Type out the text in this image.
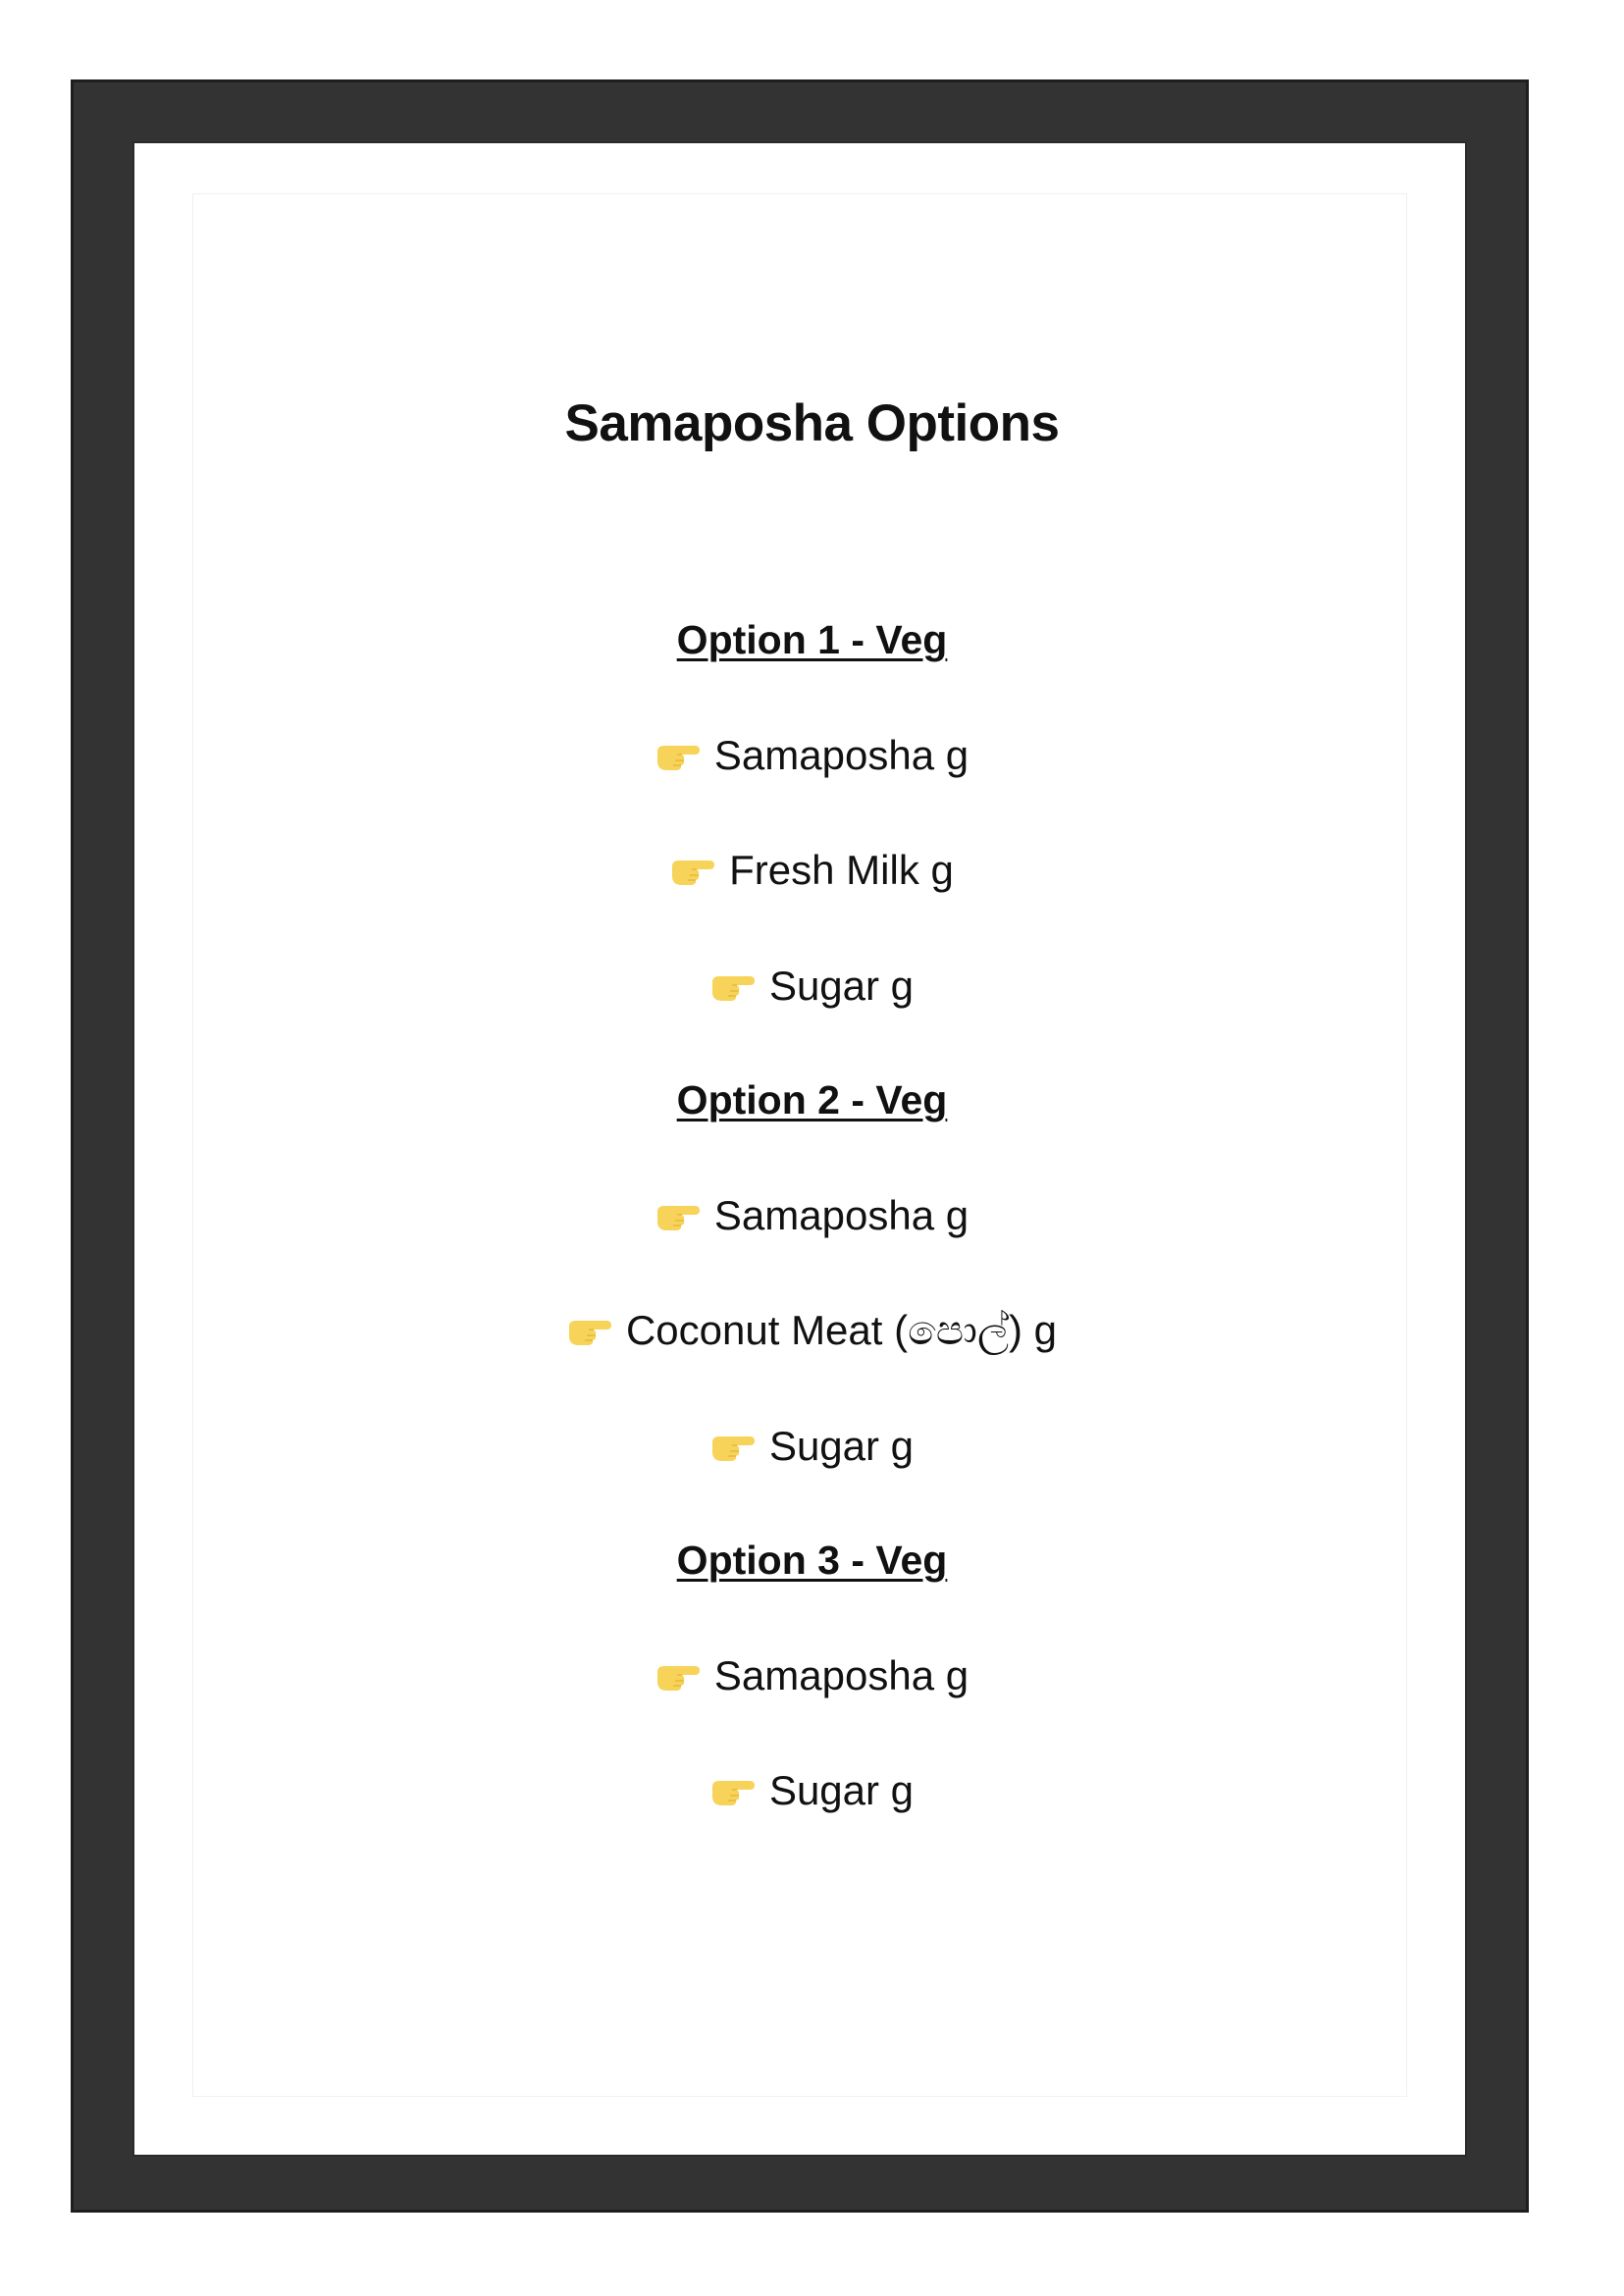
Samaposha Options
Option 1 - Veg
Samaposha g
Fresh Milk g
Sugar g
Option 2 - Veg
Samaposha g
Coconut Meat (පොල්) g
Sugar g
Option 3 - Veg
Samaposha g
Sugar g
